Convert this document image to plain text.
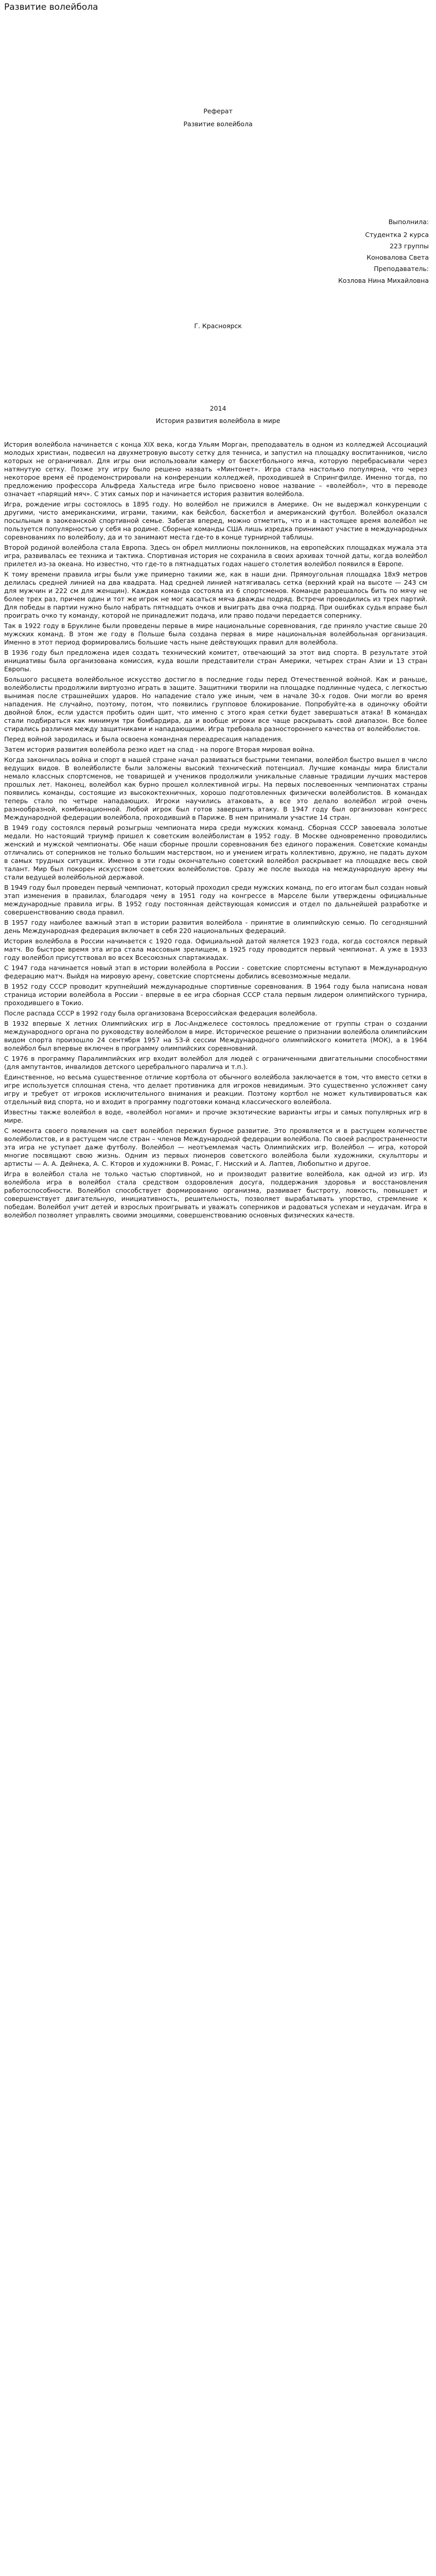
Развитие волейбола
Реферат
Развитие волейбола
Выполнила:
Студентка 2 курса
223 группы
Коновалова Света
Преподаватель:
Козлова Нина Михайловна
Г. Красноярск
2014
История развития волейбола в мире

История волейбола начинается с конца XIX века, когда Ульям Морган, преподаватель в одном из колледжей Ассоциаций молодых христиан, подвесил на двухметровую высоту сетку для тенниса, и запустил на площадку воспитанников, число которых не ограничивал. Для игры они использовали камеру от баскетбольного мяча, которую перебрасывали через натянутую сетку. Позже эту игру было решено назвать «Минтонет». Игра стала настолько популярна, что через некоторое время её продемонстрировали на конференции колледжей, проходившей в Спрингфилде. Именно тогда, по предложению профессора Альфреда Хальстеда игре было присвоено новое название – «волейбол», что в переводе означает «парящий мяч». С этих самых пор и начинается история развития волейбола.

Игра, рождение игры состоялось в 1895 году. Но волейбол не прижился в Америке. Он не выдержал конкуренции с другими, чисто американскими, играми, такими, как бейсбол, баскетбол и американский футбол. Волейбол оказался посыльным в заокеанской спортивной семье. Забегая вперед, можно отметить, что и в настоящее время волейбол не пользуется популярностью у себя на родине. Сборные команды США лишь изредка принимают участие в международных соревнованиях по волейболу, да и то занимают места где-то в конце турнирной таблицы.

Второй родиной волейбола стала Европа. Здесь он обрел миллионы поклонников, на европейских площадках мужала эта игра, развивалась ее техника и тактика. Спортивная история не сохранила в своих архивах точной даты, когда волейбол прилетел из-за океана. Но известно, что где-то в пятнадцатых годах нашего столетия волейбол появился в Европе.

К тому времени правила игры были уже примерно такими же, как в наши дни. Прямоугольная площадка 18х9 метров делилась средней линией на два квадрата. Над средней линией натягивалась сетка (верхний край на высоте — 243 см для мужчин и 222 см для женщин). Каждая команда состояла из 6 спортсменов. Команде разрешалось бить по мячу не более трех раз, причем один и тот же игрок не мог касаться мяча дважды подряд. Встречи проводились из трех партий. Для победы в партии нужно было набрать пятнадцать очков и выиграть два очка подряд. При ошибках судья вправе был проиграть очко ту команду, которой не принадлежит подача, или право подачи передается сопернику.

Так в 1922 году в Бруклине были проведены первые в мире национальные соревнования, где приняло участие свыше 20 мужских команд. В этом же году в Польше была создана первая в мире национальная волейбольная организация. Именно в этот период формировались большие часть ныне действующих правил для волейбола.

В 1936 году был предложена идея создать технический комитет, отвечающий за этот вид спорта. В результате этой инициативы была организована комиссия, куда вошли представители стран Америки, четырех стран Азии и 13 стран Европы.

Большого расцвета волейбольное искусство достигло в последние годы перед Отечественной войной. Как и раньше, волейболисты продолжили виртуозно играть в защите. Защитники творили на площадке подлинные чудеса, с легкостью вынимая после страшнейших ударов. Но нападение стало уже иным, чем в начале 30-х годов. Они могли во время нападения. Не случайно, поэтому, потом, что появились групповое блокирование. Попробуйте-ка в одиночку обойти двойной блок, если удастся пробить один щит, что именно с этого края сетки будет завершаться атака! В командах стали подбираться как минимум три бомбардира, да и вообще игроки все чаще раскрывать свой диапазон. Все более стирались различия между защитниками и нападающими. Игра требовала разностороннего качества от волейболистов.

Перед войной зародилась и была освоена командная переадресация нападения.

Затем история развития волейбола резко идет на спад - на пороге Вторая мировая война.

Когда закончилась война и спорт в нашей стране начал развиваться быстрыми темпами, волейбол быстро вышел в число ведущих видов. В волейболисте были заложены высокий технический потенциал. Лучшие команды мира блистали немало классных спортсменов, не товарищей и учеников продолжили уникальные славные традиции лучших мастеров прошлых лет. Наконец, волейбол как бурно прошел коллективной игры. На первых послевоенных чемпионатах страны появились команды, состоящие из высококтехничных, хорошо подготовленных физически волейболистов. В командах теперь стало по четыре нападающих. Игроки научились атаковать, а все это делало волейбол игрой очень разнообразной, комбинационной. Любой игрок был готов завершить атаку. В 1947 году был организован конгресс Международной федерации волейбола, проходивший в Париже. В нем принимали участие 14 стран.

В 1949 году состоялся первый розыгрыш чемпионата мира среди мужских команд. Сборная СССР завоевала золотые медали. Но настоящий триумф пришел к советским волейболистам в 1952 году. В Москве одновременно проводились женский и мужской чемпионаты. Обе наши сборные прошли соревнования без единого поражения. Советские команды отличались от соперников не только большим мастерством, но и умением играть коллективно, дружно, не падать духом в самых трудных ситуациях. Именно в эти годы окончательно советский волейбол раскрывает на площадке весь свой талант. Мир был покорен искусством советских волейболистов. Сразу же после выхода на международную арену мы стали ведущей волейбольной державой.

В 1949 году был проведен первый чемпионат, который проходил среди мужских команд, по его итогам был создан новый этап изменения в правилах, благодаря чему в 1951 году на конгрессе в Марселе были утверждены официальные международные правила игры. В 1952 году постоянная действующая комиссия и отдел по дальнейшей разработке и совершенствованию свода правил.

В 1957 году наиболее важный этап в истории развития волейбола - принятие в олимпийскую семью. По сегодняшний день Международная федерация включает в себя 220 национальных федераций.

История волейбола в России начинается с 1920 года. Официальной датой является 1923 года, когда состоялся первый матч. Во быстрое время эта игра стала массовым зрелищем, в 1925 году проводится первый чемпионат. А уже в 1933 году волейбол присутствовал во всех Всесоюзных спартакиадах.

С 1947 года начинается новый этап в истории волейбола в России - советские спортсмены вступают в Международную федерацию матч. Выйдя на мировую арену, советские спортсмены добились всевозможные медали.

В 1952 году СССР проводит крупнейший международные спортивные соревнования. В 1964 году была написана новая страница истории волейбола в России - впервые в ее игра сборная СССР стала первым лидером олимпийского турнира, проходившего в Токио.

После распада СССР в 1992 году была организована Всероссийская федерация волейбола.

В 1932 впервые Х летних Олимпийских игр в Лос-Анджелесе состоялось предложение от группы стран о создании международного органа по руководству волейболом в мире. Историческое решение о признании волейбола олимпийским видом спорта произошло 24 сентября 1957 на 53-й сессии Международного олимпийского комитета (МОК), а в 1964 волейбол был впервые включен в программу олимпийских соревнований.

С 1976 в программу Паралимпийских игр входит волейбол для людей с ограниченными двигательными способностями (для ампутантов, инвалидов детского церебрального паралича и т.п.).

Единственное, но весьма существенное отличие кортбола от обычного волейбола заключается в том, что вместо сетки в игре используется сплошная стена, что делает противника для игроков невидимым. Это существенно усложняет саму игру и требует от игроков исключительного внимания и реакции. Поэтому кортбол не может культивироваться как отдельный вид спорта, но и входит в программу подготовки команд классического волейбола.

Известны также волейбол в воде, «волейбол ногами» и прочие экзотические варианты игры и самых популярных игр в мире.

С момента своего появления на свет волейбол пережил бурное развитие. Это проявляется и в растущем количестве волейболистов, и в растущем числе стран – членов Международной федерации волейбола. По своей распространенности эта игра не уступает даже футболу. Волейбол — неотъемлемая часть Олимпийских игр. Волейбол — игра, которой многие посвящают свою жизнь. Одним из первых пионеров советского волейбола были художники, скульпторы и артисты — А. А. Дейнека, А. С. Кторов и художники В. Ромас, Г. Нисский и А. Лаптев, Любопытно и другое.

Игра в волейбол стала не только частью спортивной, но и производит развитие волейбола, как одной из игр. Из волейбола игра в волейбол стала средством оздоровления досуга, поддержания здоровья и восстановления работоспособности. Волейбол способствует формированию организма, развивает быстроту, ловкость, повышает и совершенствует двигательную, инициативность, решительность, позволяет вырабатывать упорство, стремление к победам. Волейбол учит детей и взрослых проигрывать и уважать соперников и радоваться успехам и неудачам. Игра в волейбол позволяет управлять своими эмоциями, совершенствованию основных физических качеств.
